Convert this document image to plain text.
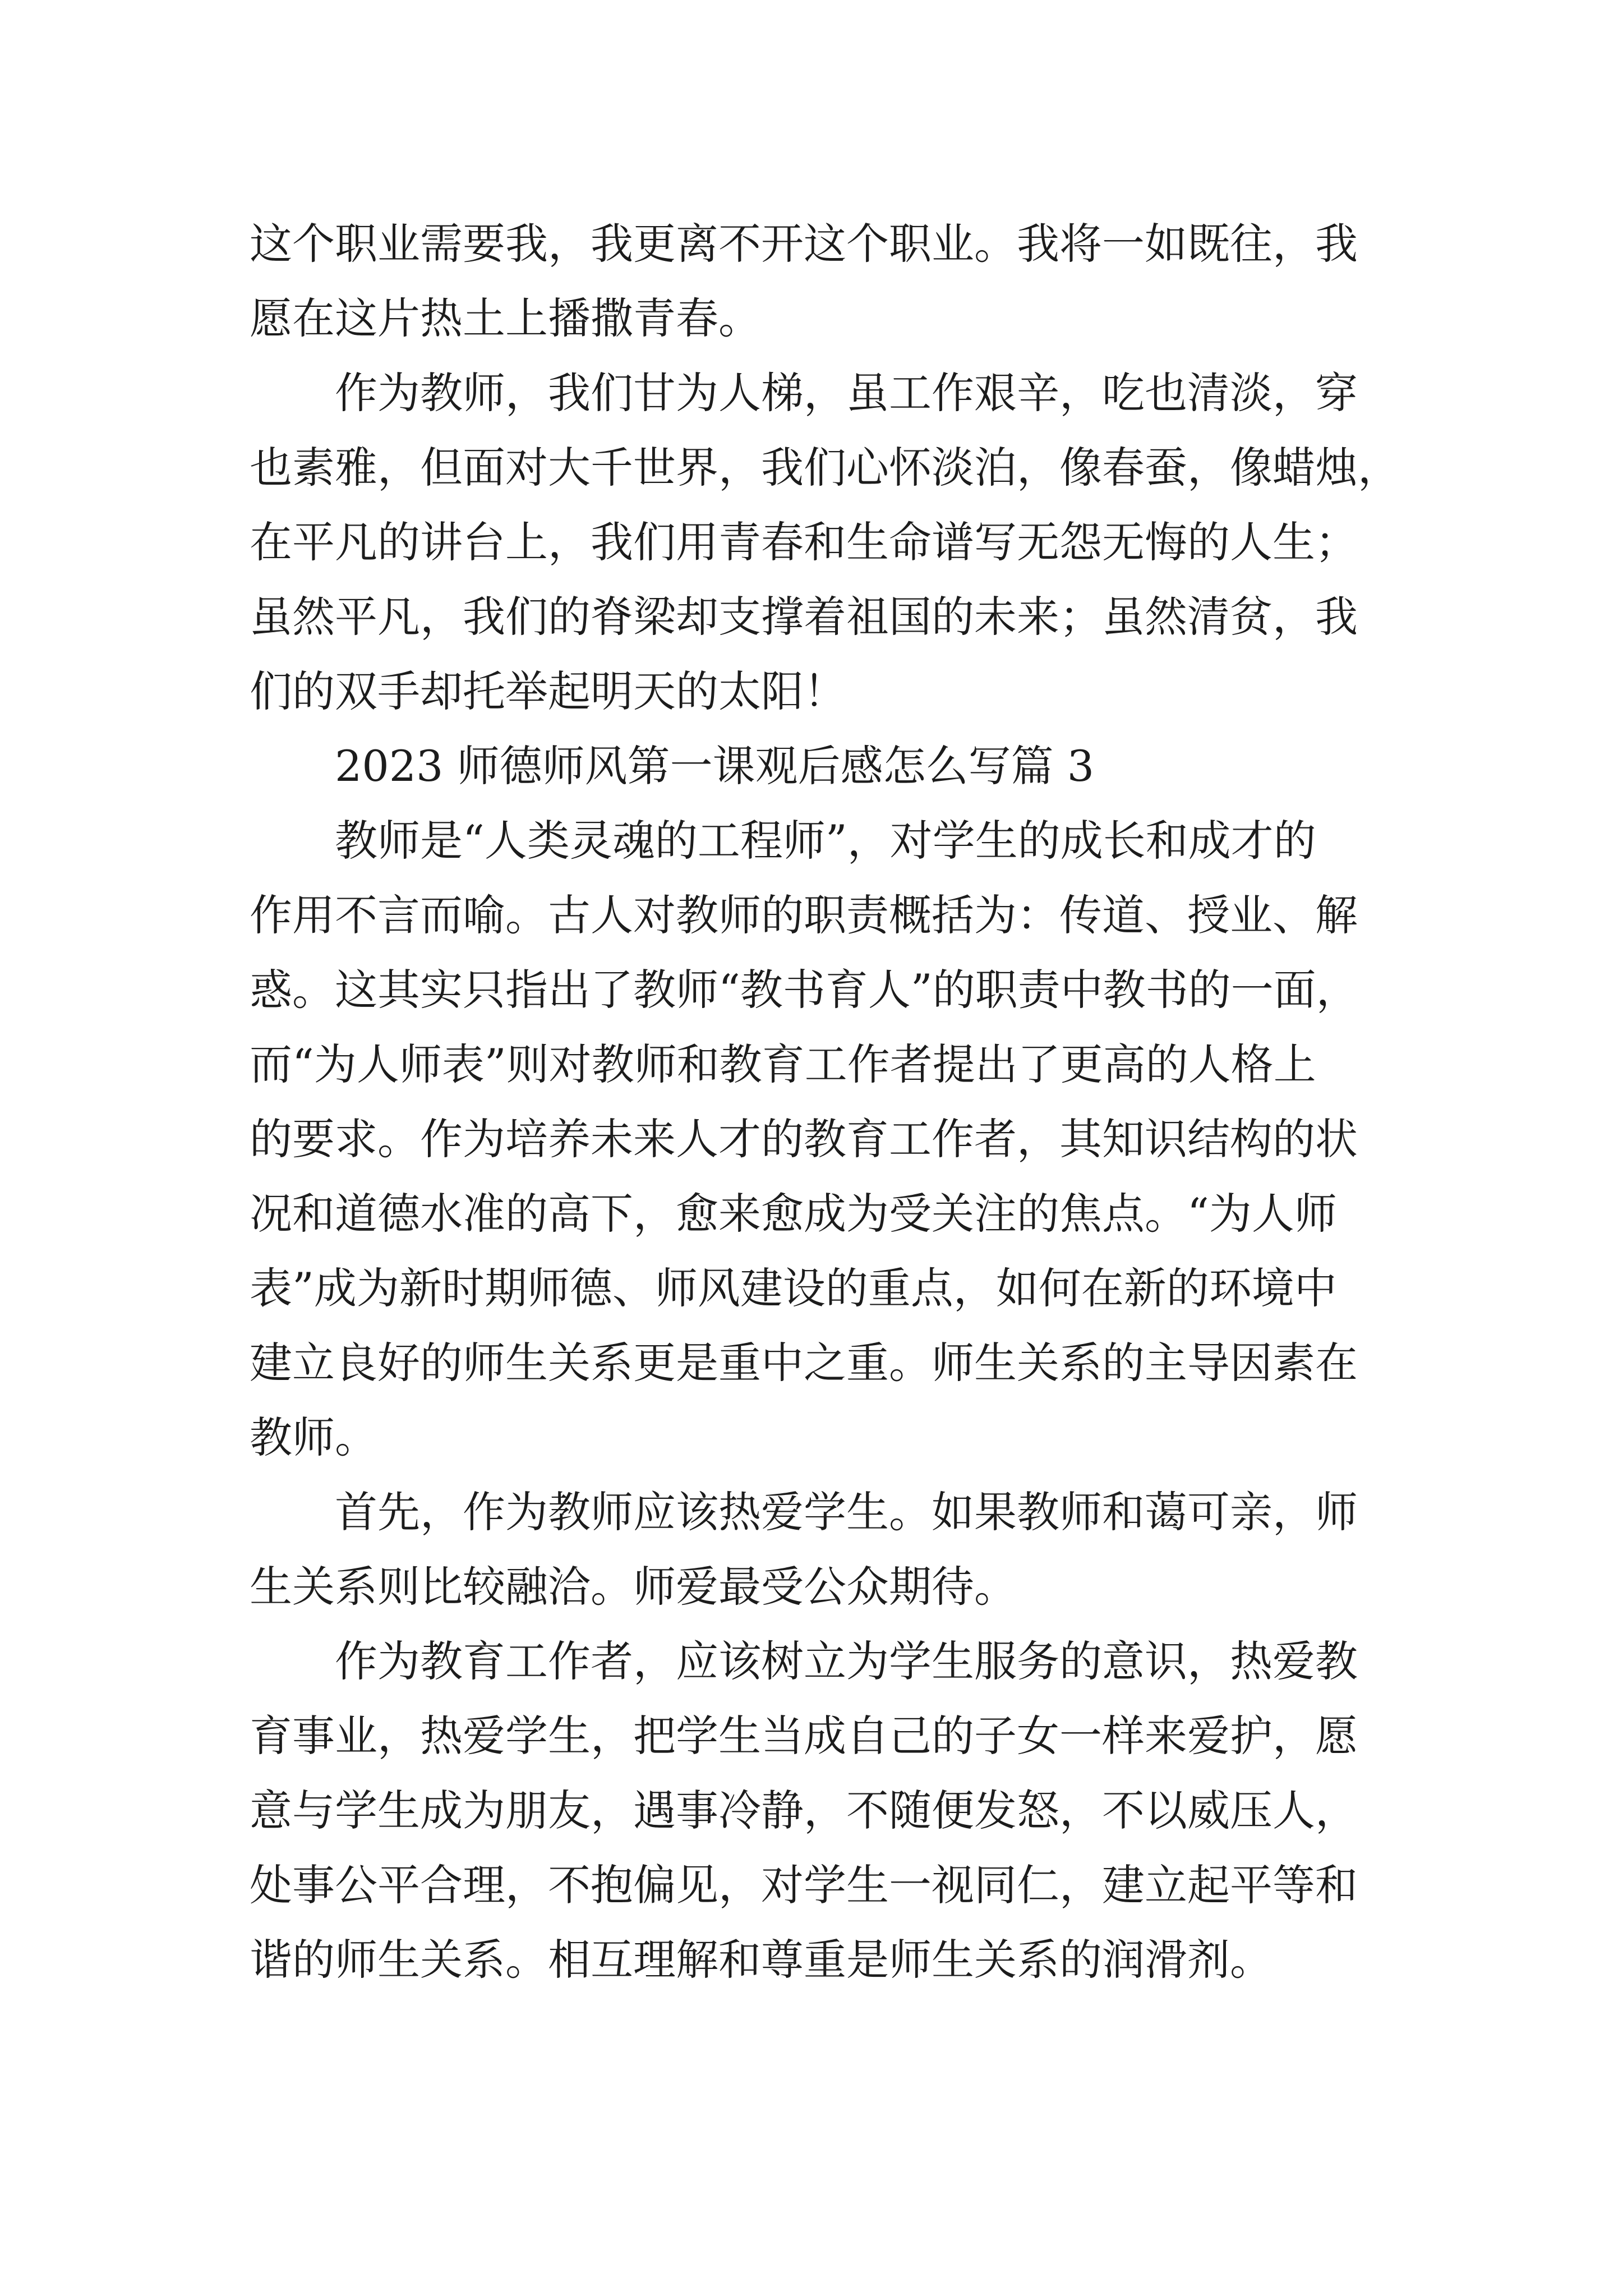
这个职业需要我，我更离不开这个职业。我将一如既往，我
愿在这片热土上播撒青春。
作为教师，我们甘为人梯，虽工作艰辛，吃也清淡，穿
也素雅，但面对大千世界，我们心怀淡泊，像春蚕，像蜡烛，
在平凡的讲台上，我们用青春和生命谱写无怨无悔的人生；
虽然平凡，我们的脊梁却支撑着祖国的未来；虽然清贫，我
们的双手却托举起明天的太阳！
2023 师德师风第一课观后感怎么写篇 3
教师是“人类灵魂的工程师”，对学生的成长和成才的
作用不言而喻。古人对教师的职责概括为：传道、授业、解
惑。这其实只指出了教师“教书育人”的职责中教书的一面，
而“为人师表”则对教师和教育工作者提出了更高的人格上
的要求。作为培养未来人才的教育工作者，其知识结构的状
况和道德水准的高下，愈来愈成为受关注的焦点。“为人师
表”成为新时期师德、师风建设的重点，如何在新的环境中
建立良好的师生关系更是重中之重。师生关系的主导因素在
教师。
首先，作为教师应该热爱学生。如果教师和蔼可亲，师
生关系则比较融洽。师爱最受公众期待。
作为教育工作者，应该树立为学生服务的意识，热爱教
育事业，热爱学生，把学生当成自己的子女一样来爱护，愿
意与学生成为朋友，遇事冷静，不随便发怒，不以威压人，
处事公平合理，不抱偏见，对学生一视同仁，建立起平等和
谐的师生关系。相互理解和尊重是师生关系的润滑剂。
